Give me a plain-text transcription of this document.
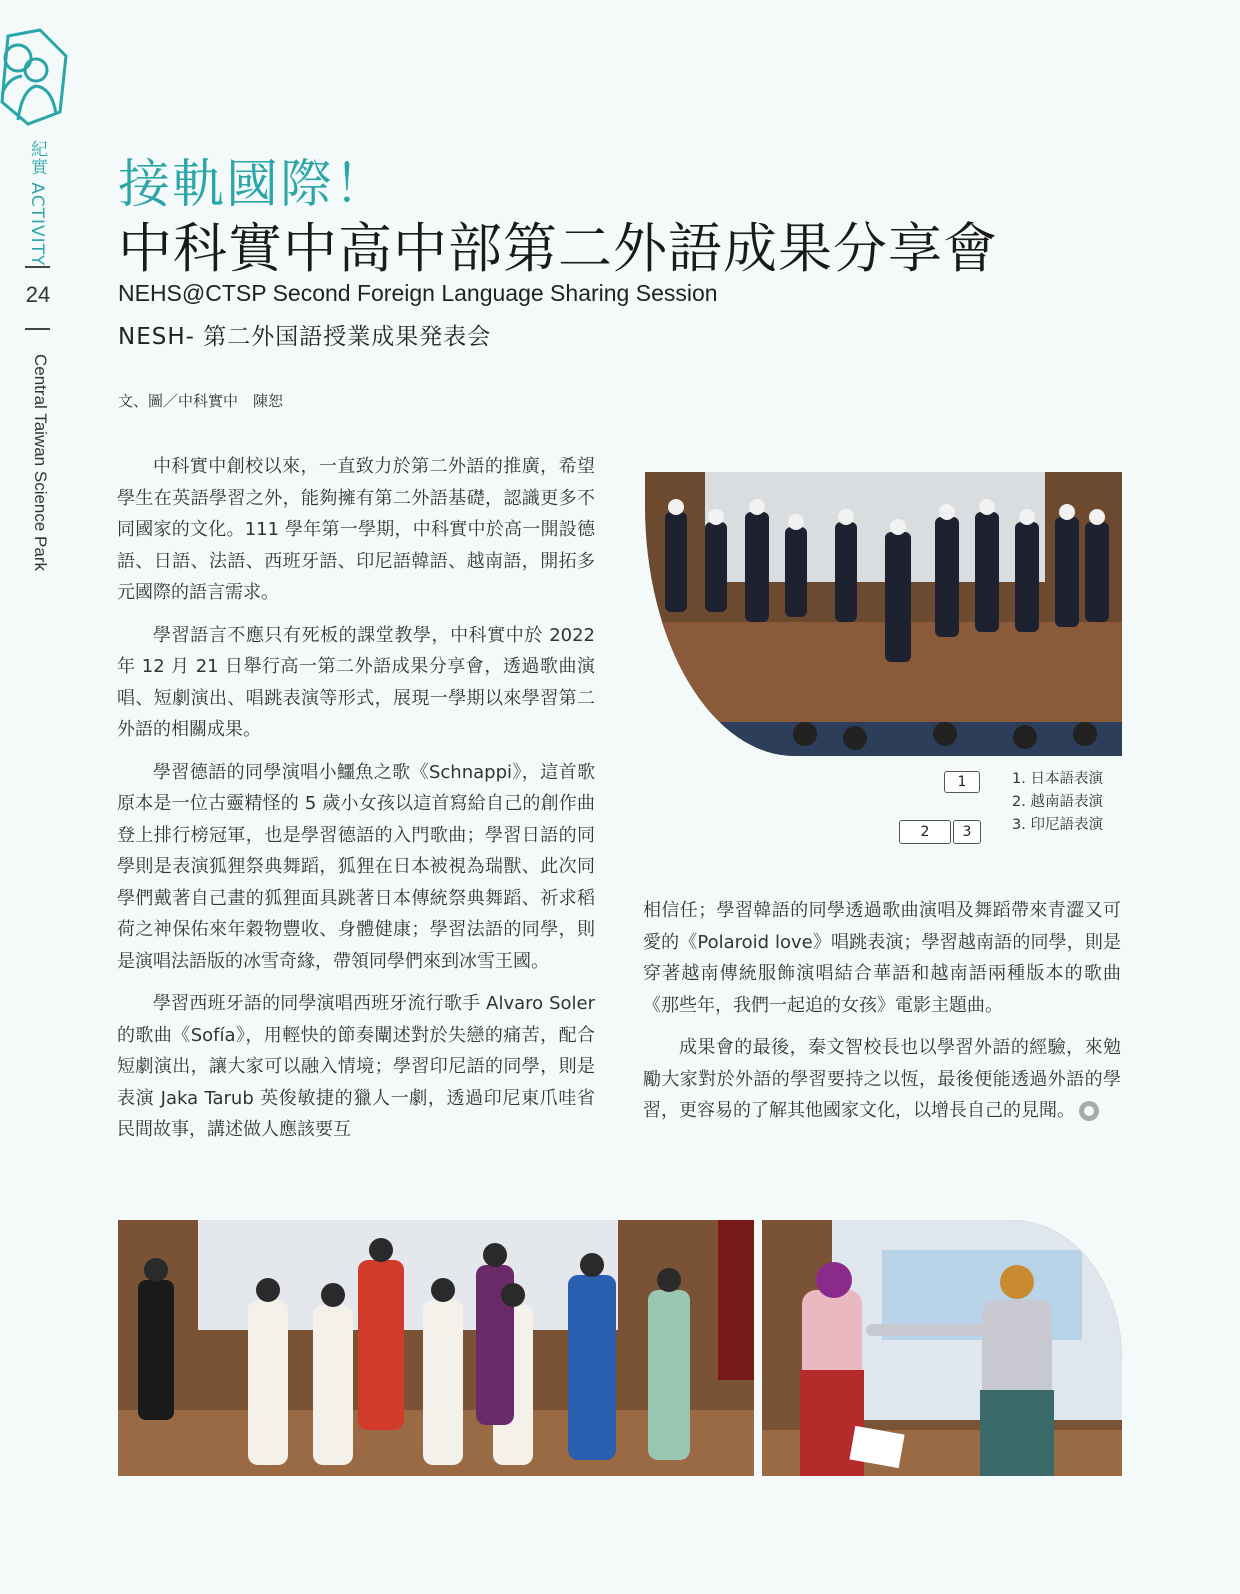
紀實 ACTIVITY
24
Central Taiwan Science Park
接軌國際！
中科實中高中部第二外語成果分享會
NEHS@CTSP Second Foreign Language Sharing Session
NESH- 第二外国語授業成果発表会
文、圖／中科實中　陳恕

中科實中創校以來，一直致力於第二外語的推廣，希望學生在英語學習之外，能夠擁有第二外語基礎，認識更多不同國家的文化。111 學年第一學期，中科實中於高一開設德語、日語、法語、西班牙語、印尼語韓語、越南語，開拓多元國際的語言需求。

學習語言不應只有死板的課堂教學，中科實中於 2022 年 12 月 21 日舉行高一第二外語成果分享會，透過歌曲演唱、短劇演出、唱跳表演等形式，展現一學期以來學習第二外語的相關成果。

學習德語的同學演唱小鱷魚之歌《Schnappi》，這首歌原本是一位古靈精怪的 5 歲小女孩以這首寫給自己的創作曲登上排行榜冠軍，也是學習德語的入門歌曲；學習日語的同學則是表演狐狸祭典舞蹈，狐狸在日本被視為瑞獸、此次同學們戴著自己畫的狐狸面具跳著日本傳統祭典舞蹈、祈求稻荷之神保佑來年穀物豐收、身體健康；學習法語的同學，則是演唱法語版的冰雪奇緣，帶領同學們來到冰雪王國。

學習西班牙語的同學演唱西班牙流行歌手 Alvaro Soler 的歌曲《Sofía》，用輕快的節奏闡述對於失戀的痛苦，配合短劇演出，讓大家可以融入情境；學習印尼語的同學，則是表演 Jaka Tarub 英俊敏捷的獵人一劇，透過印尼東爪哇省民間故事，講述做人應該要互

1
2	3
1. 日本語表演
2. 越南語表演
3. 印尼語表演

相信任；學習韓語的同學透過歌曲演唱及舞蹈帶來青澀又可愛的《Polaroid love》唱跳表演；學習越南語的同學，則是穿著越南傳統服飾演唱結合華語和越南語兩種版本的歌曲《那些年，我們一起追的女孩》電影主題曲。

成果會的最後，秦文智校長也以學習外語的經驗，來勉勵大家對於外語的學習要持之以恆，最後便能透過外語的學習，更容易的了解其他國家文化，以增長自己的見聞。
